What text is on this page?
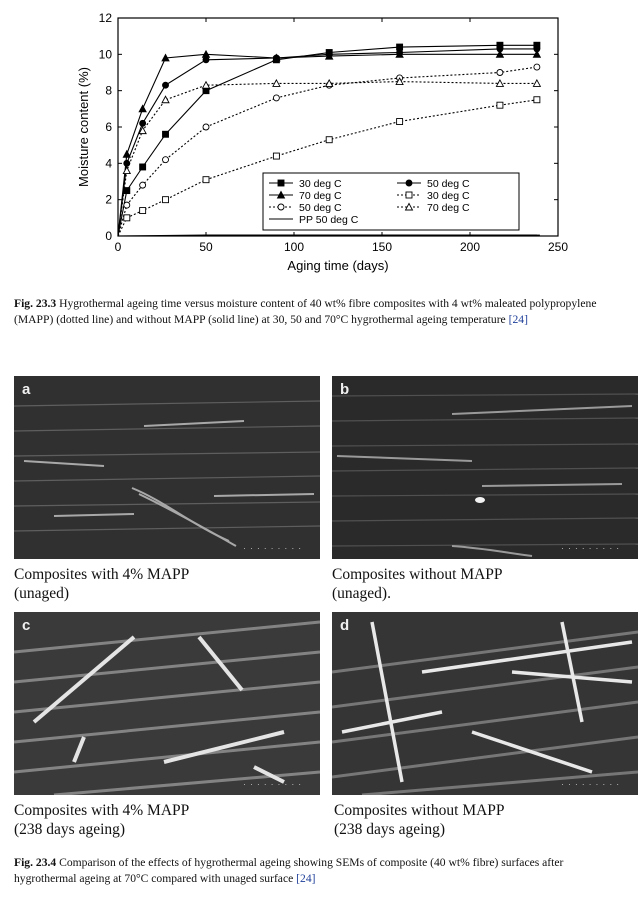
0	50	100	150	200	250
0
2
4
6
8
10
12
Aging time (days)
Moisture content (%)	30 deg C	50 deg C
70 deg C	30 deg C
50 deg C	70 deg C
PP 50 deg C
Fig. 23.3 Hygrothermal ageing time versus moisture content of 40 wt% fibre composites with 4 wt% maleated polypropylene (MAPP) (dotted line) and without MAPP (solid line) at 30, 50 and 70°C hygrothermal ageing temperature [24]
a
· · · · · · · · ·
b
· · · · · · · · ·
c
· · · · · · · · ·
d
· · · · · · · · ·
Composites with 4% MAPP
(unaged)
Composites without MAPP
(unaged).
Composites with 4% MAPP
(238 days ageing)
Composites without MAPP
(238 days ageing)
Fig. 23.4 Comparison of the effects of hygrothermal ageing showing SEMs of composite (40 wt% fibre) surfaces after hygrothermal ageing at 70°C compared with unaged surface [24]
